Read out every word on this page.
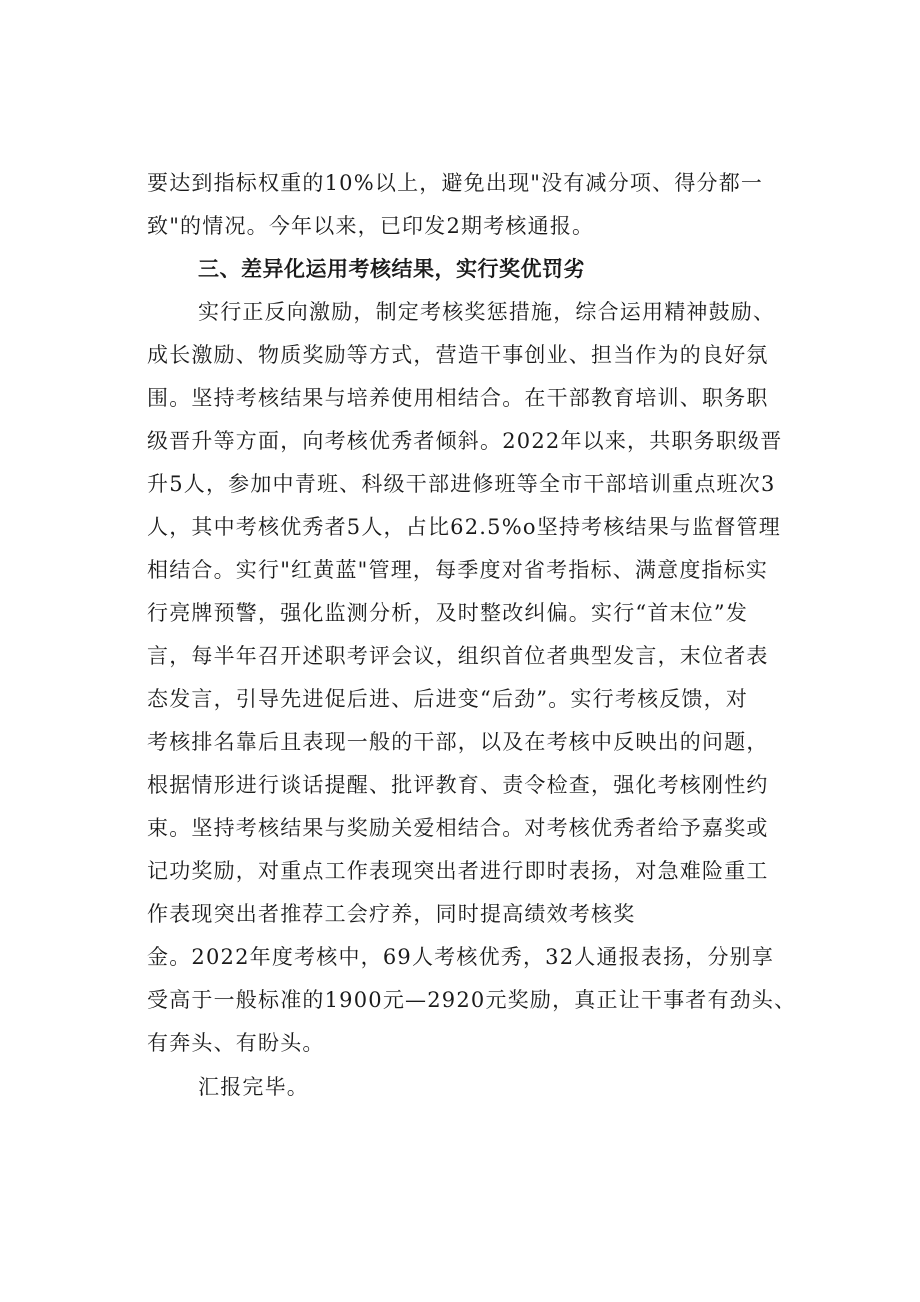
要达到指标权重的10%以上，避免出现"没有减分项、得分都一
致"的情况。今年以来，已印发2期考核通报。
三、差异化运用考核结果，实行奖优罚劣
实行正反向激励，制定考核奖惩措施，综合运用精神鼓励、
成长激励、物质奖励等方式，营造干事创业、担当作为的良好氛
围。坚持考核结果与培养使用相结合。在干部教育培训、职务职
级晋升等方面，向考核优秀者倾斜。2022年以来，共职务职级晋
升5人，参加中青班、科级干部进修班等全市干部培训重点班次3
人，其中考核优秀者5人，占比62.5%o坚持考核结果与监督管理
相结合。实行"红黄蓝"管理，每季度对省考指标、满意度指标实
行亮牌预警，强化监测分析，及时整改纠偏。实行“首末位”发
言，每半年召开述职考评会议，组织首位者典型发言，末位者表
态发言，引导先进促后进、后进变“后劲”。实行考核反馈，对
考核排名靠后且表现一般的干部，以及在考核中反映出的问题，
根据情形进行谈话提醒、批评教育、责令检查，强化考核刚性约
束。坚持考核结果与奖励关爱相结合。对考核优秀者给予嘉奖或
记功奖励，对重点工作表现突出者进行即时表扬，对急难险重工
作表现突出者推荐工会疗养，同时提高绩效考核奖
金。2022年度考核中，69人考核优秀，32人通报表扬，分别享
受高于一般标准的1900元—2920元奖励，真正让干事者有劲头、
有奔头、有盼头。
汇报完毕。
